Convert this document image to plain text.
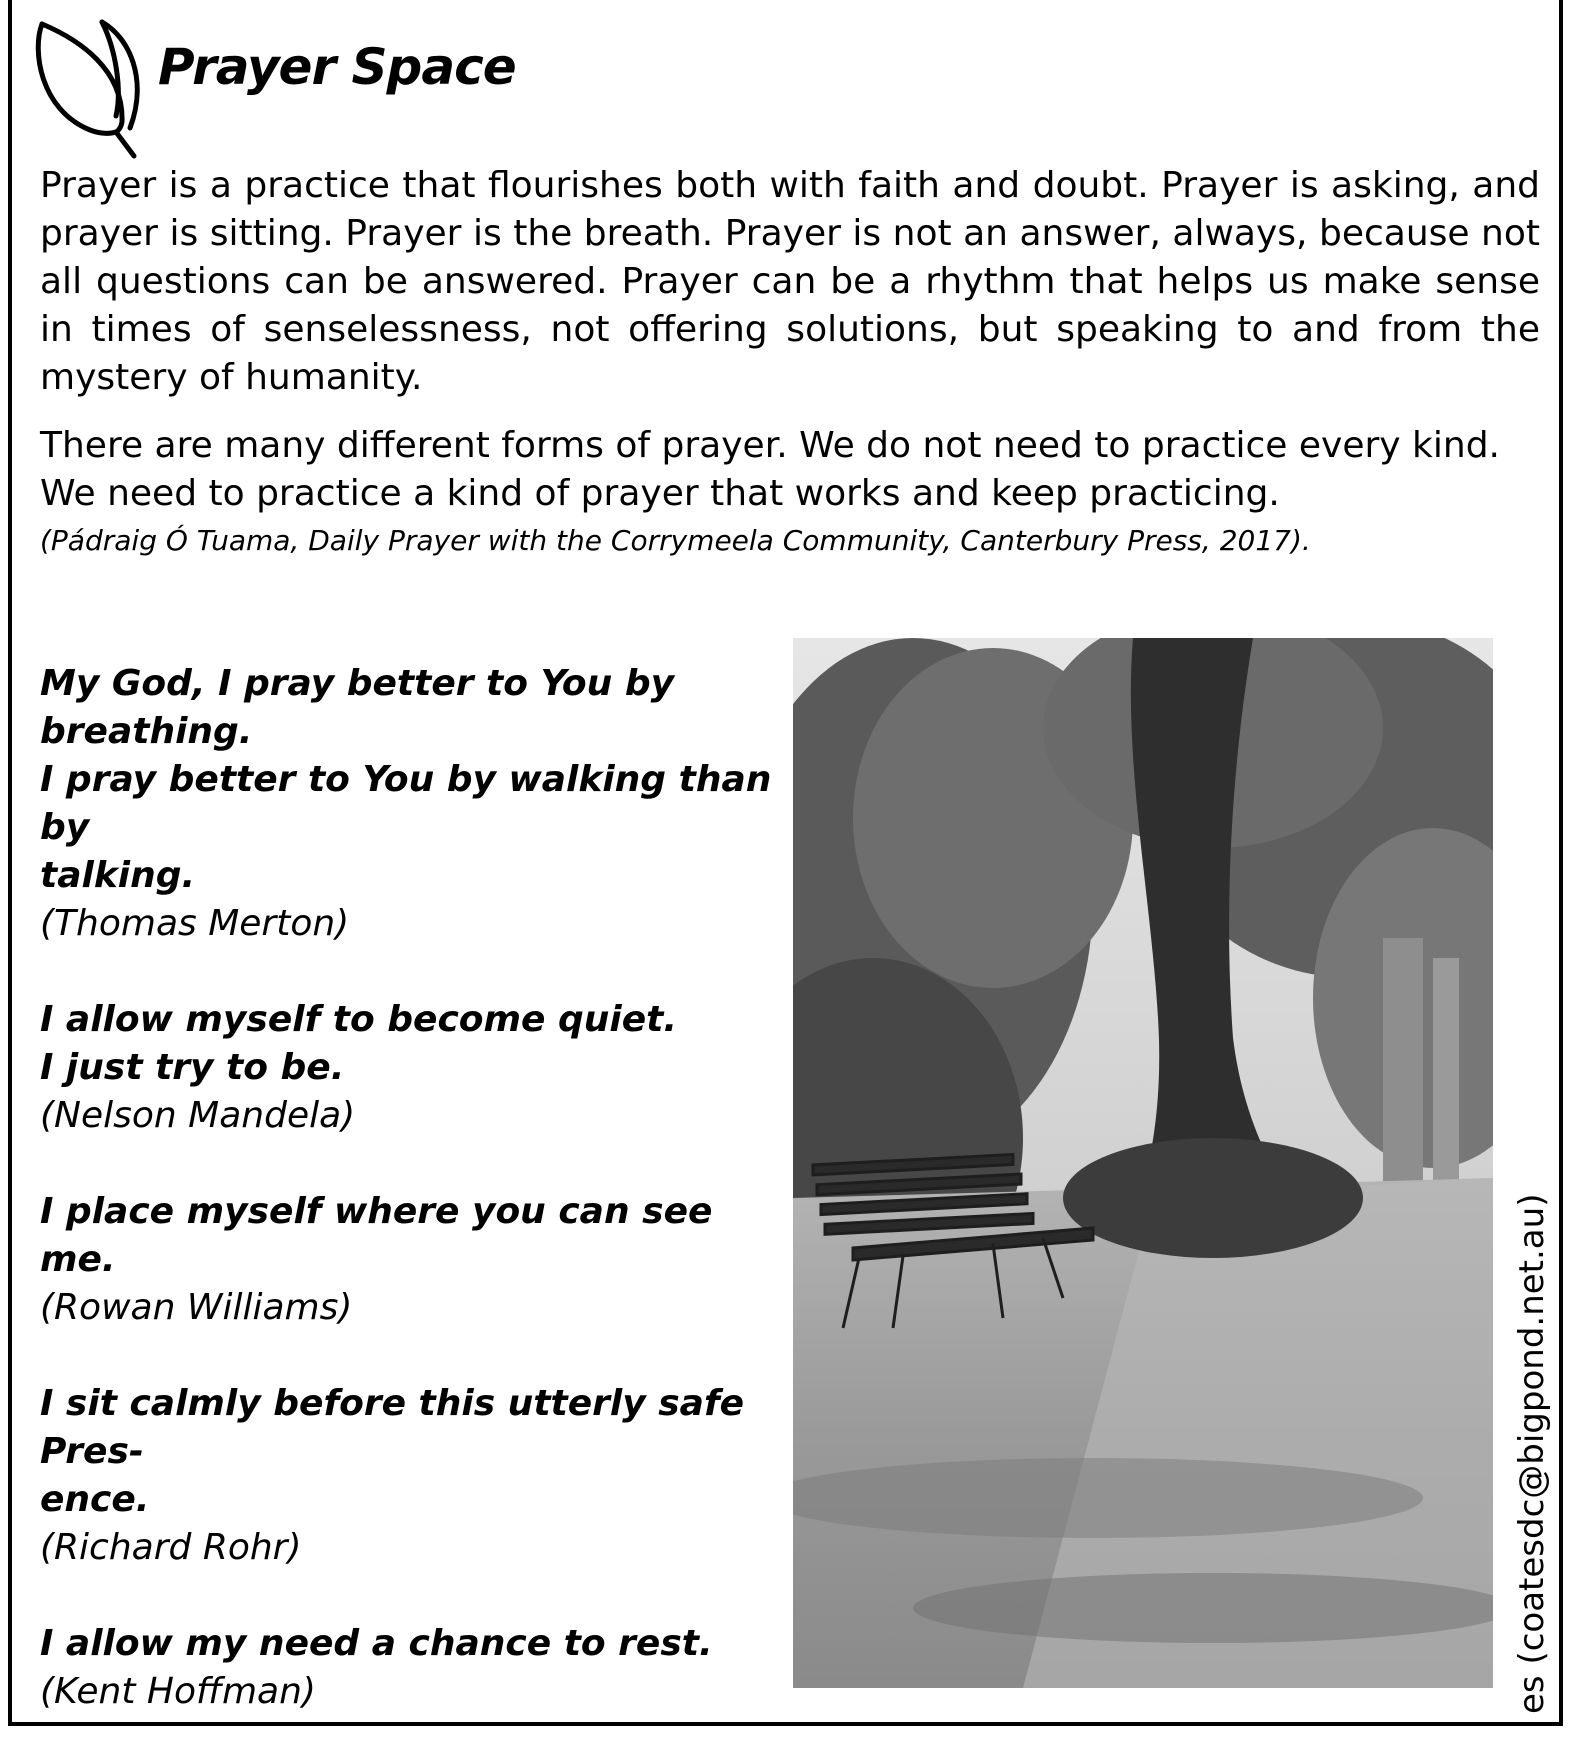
Prayer Space

Prayer is a practice that flourishes both with faith and doubt. Prayer is asking, and prayer is sitting. Prayer is the breath. Prayer is not an answer, always, because not all questions can be answered. Prayer can be a rhythm that helps us make sense in times of senselessness, not offering solutions, but speaking to and from the mystery of humanity.

There are many different forms of prayer. We do not need to practice every kind.
We need to practice a kind of prayer that works and keep practicing.

(Pádraig Ó Tuama, Daily Prayer with the Corrymeela Community, Canterbury Press, 2017).
My God, I pray better to You by
breathing.
I pray better to You by walking than by
talking.
(Thomas Merton)
I allow myself to become quiet.
I just try to be.
(Nelson Mandela)
I place myself where you can see me.
(Rowan Williams)
I sit calmly before this utterly safe Pres-
ence.
(Richard Rohr)
I allow my need a chance to rest.
(Kent Hoffman)	es (coatesdc@bigpond.net.au)
